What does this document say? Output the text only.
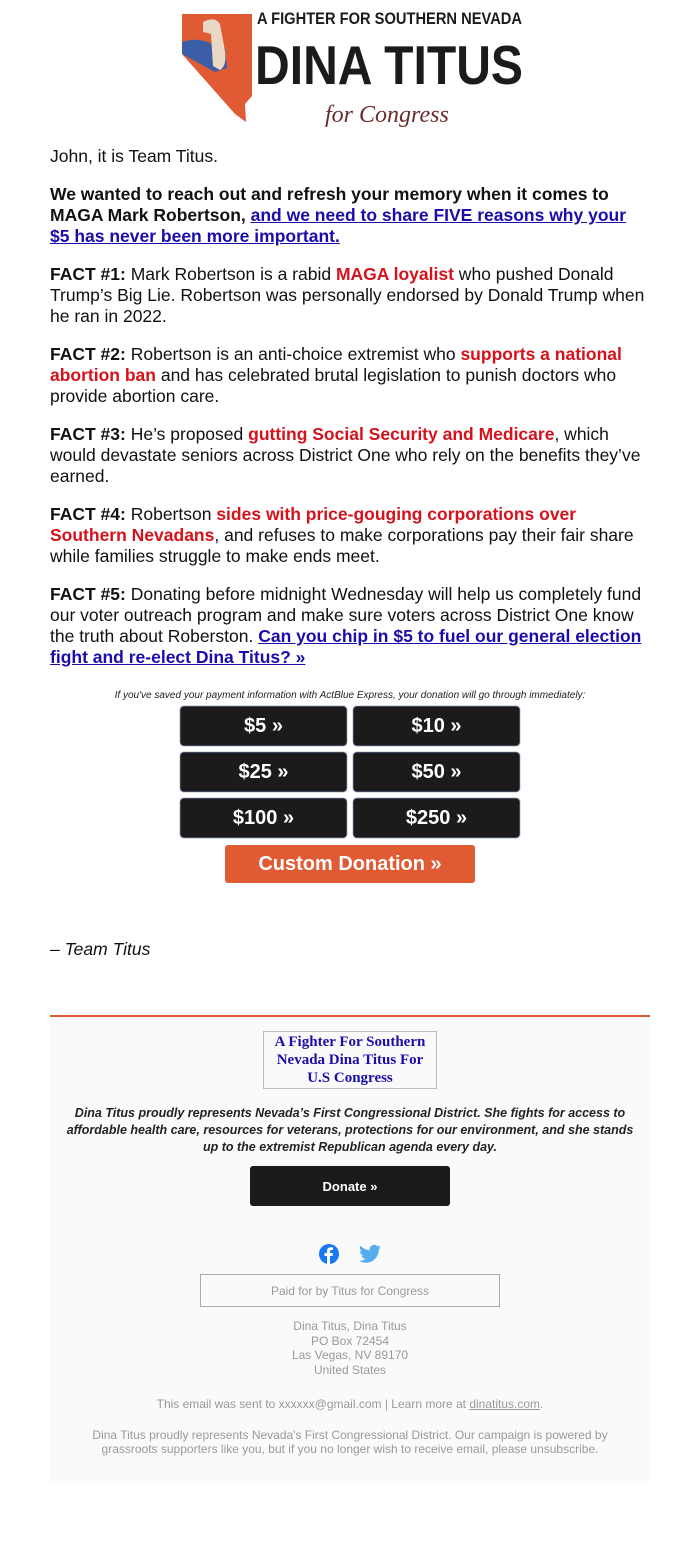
A FIGHTER FOR SOUTHERN NEVADA
DINA TITUS
for Congress

John, it is Team Titus.

We wanted to reach out and refresh your memory when it comes to MAGA Mark Robertson, and we need to share FIVE reasons why your $5 has never been more important.

FACT #1: Mark Robertson is a rabid MAGA loyalist who pushed Donald Trump’s Big Lie. Robertson was personally endorsed by Donald Trump when he ran in 2022.

FACT #2: Robertson is an anti-choice extremist who supports a national abortion ban and has celebrated brutal legislation to punish doctors who provide abortion care.

FACT #3: He’s proposed gutting Social Security and Medicare, which would devastate seniors across District One who rely on the benefits they’ve earned.

FACT #4: Robertson sides with price-gouging corporations over Southern Nevadans, and refuses to make corporations pay their fair share while families struggle to make ends meet.

FACT #5: Donating before midnight Wednesday will help us completely fund our voter outreach program and make sure voters across District One know the truth about Roberston. Can you chip in $5 to fuel our general election fight and re-elect Dina Titus? »

If you've saved your payment information with ActBlue Express, your donation will go through immediately:
$5 »	$10 »
$25 »	$50 »
$100 »	$250 »
Custom Donation »
– Team Titus
A Fighter For Southern Nevada Dina Titus For U.S Congress
Dina Titus proudly represents Nevada’s First Congressional District. She fights for access to affordable health care, resources for veterans, protections for our environment, and she stands up to the extremist Republican agenda every day.
Donate »
Paid for by Titus for Congress
Dina Titus, Dina Titus
PO Box 72454
Las Vegas, NV 89170
United States
This email was sent to xxxxxx@gmail.com | Learn more at dinatitus.com.
Dina Titus proudly represents Nevada's First Congressional District. Our campaign is powered by grassroots supporters like you, but if you no longer wish to receive email, please unsubscribe.
